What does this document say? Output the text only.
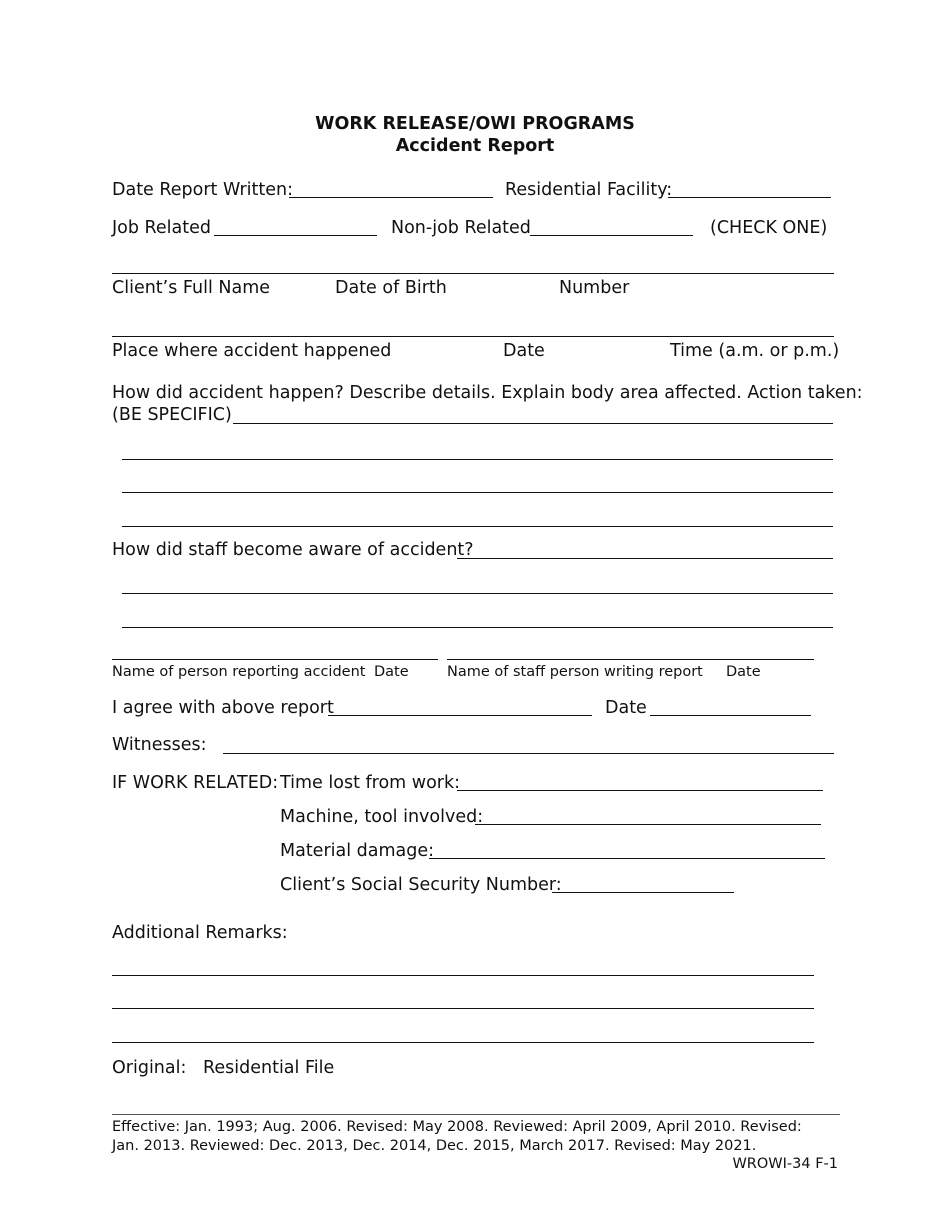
WORK RELEASE/OWI PROGRAMS
Accident Report
Date Report Written:	Residential Facility:
Job Related	Non-job Related	(CHECK ONE)
Client’s Full Name	Date of Birth	Number
Place where accident happened	Date	Time (a.m. or p.m.)
How did accident happen? Describe details. Explain body area affected. Action taken:
(BE SPECIFIC)
How did staff become aware of accident?
Name of person reporting accident Date	Name of staff person writing report Date
I agree with above report	Date
Witnesses:
IF WORK RELATED: Time lost from work:
Machine, tool involved:
Material damage:
Client’s Social Security Number:
Additional Remarks:
Original: Residential File
Effective: Jan. 1993; Aug. 2006. Revised: May 2008. Reviewed: April 2009, April 2010. Revised: Jan. 2013. Reviewed: Dec. 2013, Dec. 2014, Dec. 2015, March 2017. Revised: May 2021.
WROWI-34 F-1
